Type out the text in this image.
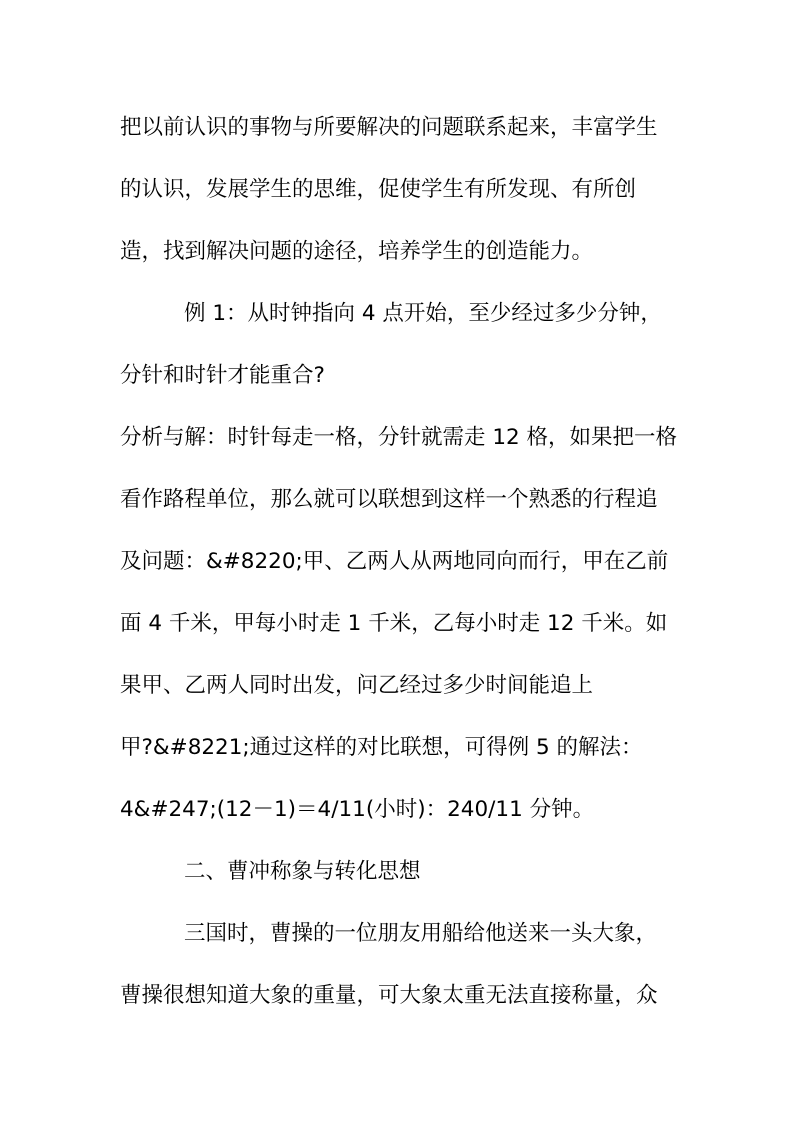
把以前认识的事物与所要解决的问题联系起来，丰富学生
的认识，发展学生的思维，促使学生有所发现、有所创
造，找到解决问题的途径，培养学生的创造能力。
例 1：从时钟指向 4 点开始，至少经过多少分钟，
分针和时针才能重合?
分析与解：时针每走一格，分针就需走 12 格，如果把一格
看作路程单位，那么就可以联想到这样一个熟悉的行程追
及问题：&#8220;甲、乙两人从两地同向而行，甲在乙前
面 4 千米，甲每小时走 1 千米，乙每小时走 12 千米。如
果甲、乙两人同时出发，问乙经过多少时间能追上
甲?&#8221;通过这样的对比联想，可得例 5 的解法：
4&#247;(12－1)＝4/11(小时)：240/11 分钟。
二、曹冲称象与转化思想
三国时，曹操的一位朋友用船给他送来一头大象，
曹操很想知道大象的重量，可大象太重无法直接称量，众
